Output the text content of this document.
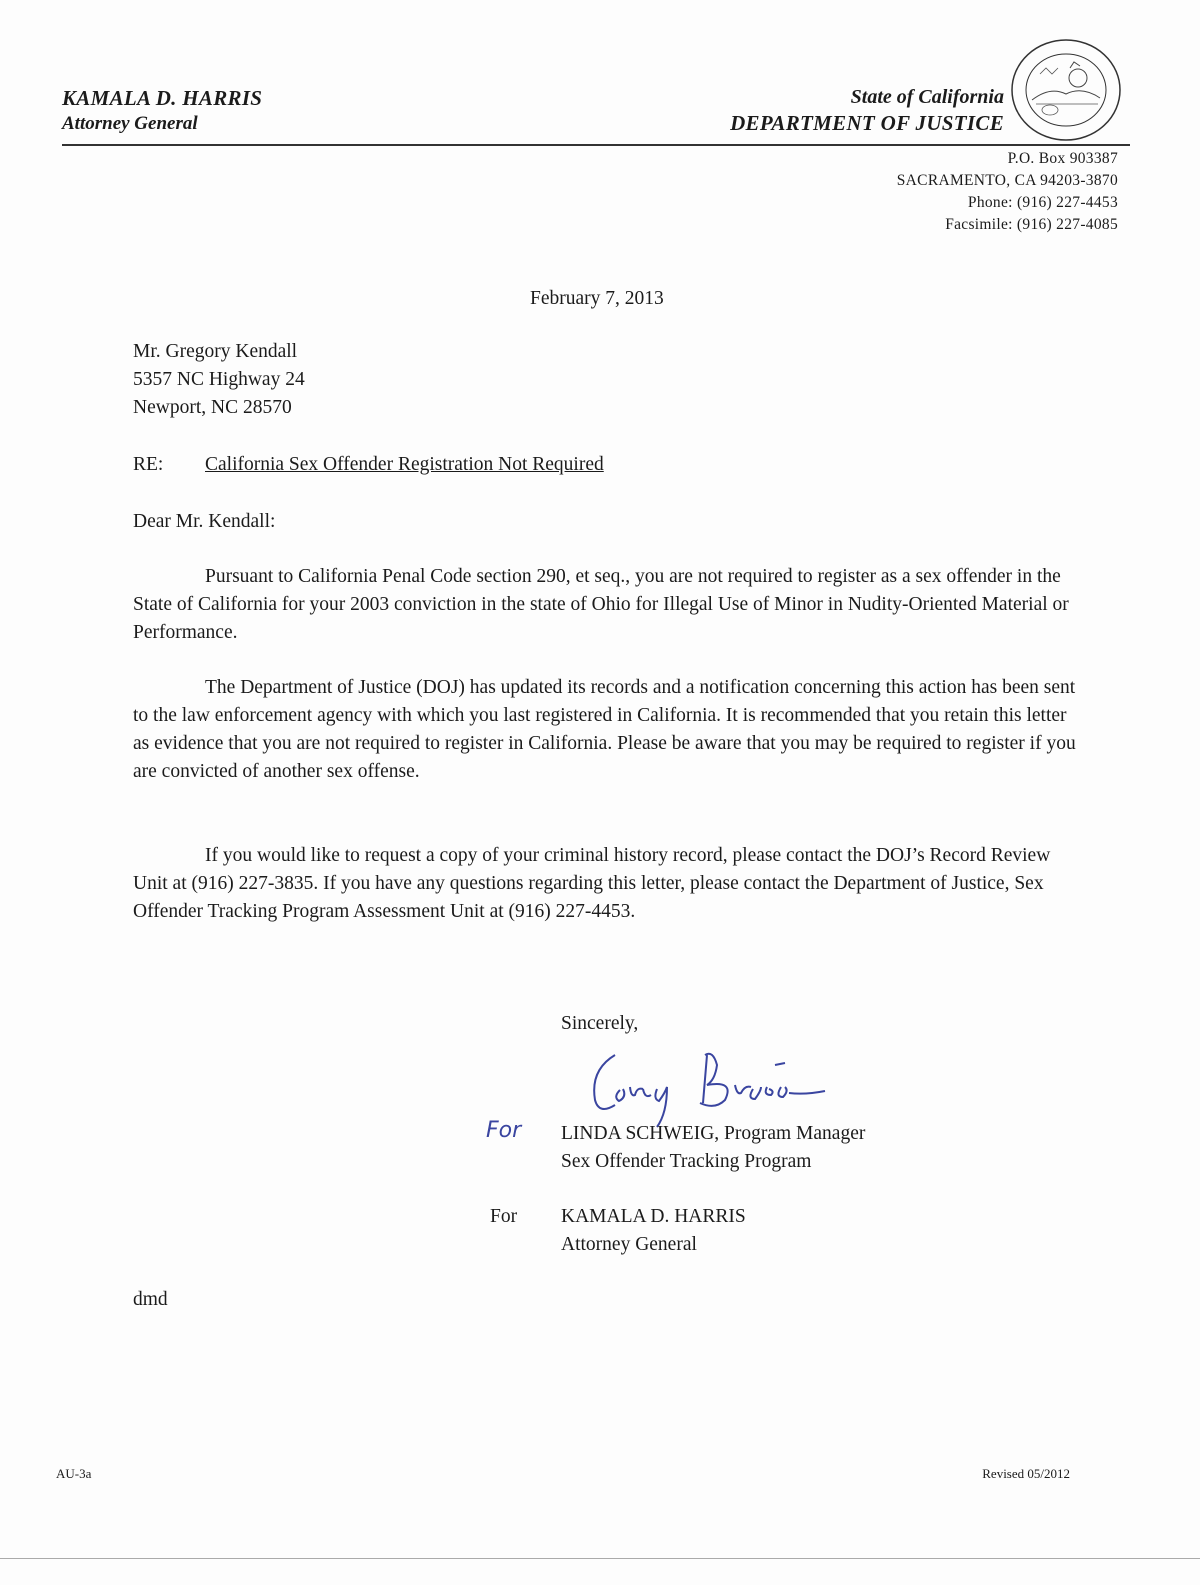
KAMALA D. HARRIS
Attorney General
State of California
DEPARTMENT OF JUSTICE
P.O. Box 903387
SACRAMENTO, CA 94203-3870
Phone: (916) 227-4453
Facsimile: (916) 227-4085
February 7, 2013
Mr. Gregory Kendall
5357 NC Highway 24
Newport, NC 28570
RE: California Sex Offender Registration Not Required
Dear Mr. Kendall:
Pursuant to California Penal Code section 290, et seq., you are not required to register as a sex offender in the State of California for your 2003 conviction in the state of Ohio for Illegal Use of Minor in Nudity-Oriented Material or Performance.
The Department of Justice (DOJ) has updated its records and a notification concerning this action has been sent to the law enforcement agency with which you last registered in California. It is recommended that you retain this letter as evidence that you are not required to register in California. Please be aware that you may be required to register if you are convicted of another sex offense.
If you would like to request a copy of your criminal history record, please contact the DOJ’s Record Review Unit at (916) 227-3835. If you have any questions regarding this letter, please contact the Department of Justice, Sex Offender Tracking Program Assessment Unit at (916) 227-4453.
Sincerely,
For LINDA SCHWEIG, Program Manager
Sex Offender Tracking Program
For KAMALA D. HARRIS
Attorney General
dmd
AU-3a	Revised 05/2012
